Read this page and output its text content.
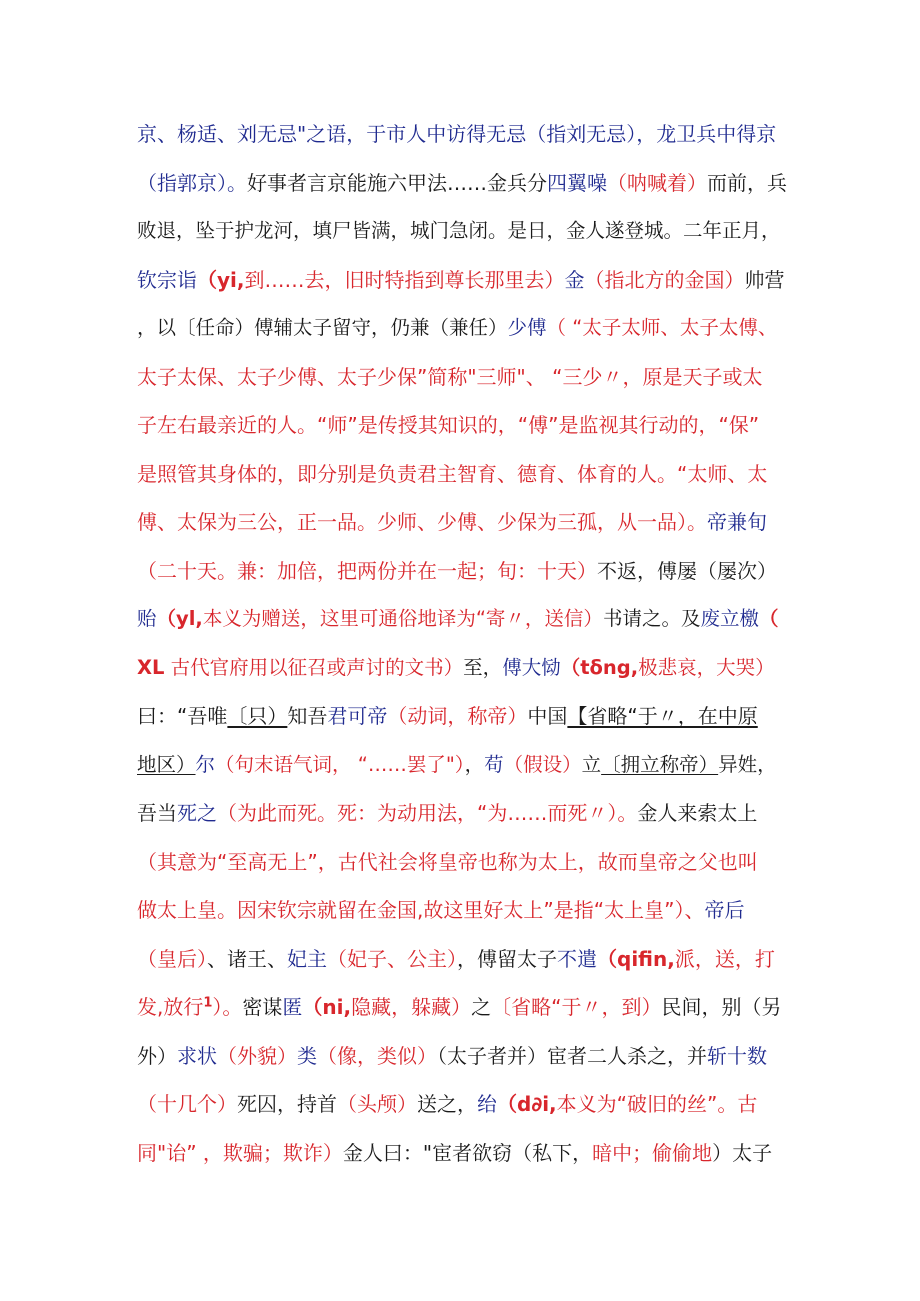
京、杨适、刘无忌"之语，于市人中访得无忌（指刘无忌），龙卫兵中得京
（指郭京）。好事者言京能施六甲法……金兵分四翼噪（呐喊着）而前，兵
败退，坠于护龙河，填尸皆满，城门急闭。是日，金人遂登城。二年正月，
钦宗诣（yi,到……去，旧时特指到尊长那里去）金（指北方的金国）帅营
，以〔任命）傅辅太子留守，仍兼（兼任）少傅（ “太子太师、太子太傅、
太子太保、太子少傅、太子少保”简称"三师"、 “三少〃，原是天子或太
子左右最亲近的人。“师”是传授其知识的，“傅”是监视其行动的，“保”
是照管其身体的，即分别是负责君主智育、德育、体育的人。“太师、太
傅、太保为三公，正一品。少师、少傅、少保为三孤，从一品）。帝兼旬
（二十天。兼：加倍，把两份并在一起；旬：十天）不返，傅屡（屡次）
贻（yl,本义为赠送，这里可通俗地译为“寄〃，送信）书请之。及废立檄（
XL 古代官府用以征召或声讨的文书）至，傅大恸（tδng,极悲哀，大哭）
曰：“吾唯〔只）知吾君可帝（动词，称帝）中国【省略“于〃，在中原
地区）尔（句末语气词， “……罢了"），苟（假设）立〔拥立称帝）异姓，
吾当死之（为此而死。死：为动用法，“为……而死〃）。金人来索太上
（其意为“至高无上”，古代社会将皇帝也称为太上，故而皇帝之父也叫
做太上皇。因宋钦宗就留在金国,故这里好太上”是指“太上皇”）、帝后
（皇后）、诸王、妃主（妃子、公主），傅留太子不遣（qifin,派，送，打
发,放行$^1$）。密谋匿（ni,隐藏，躲藏）之〔省略“于〃，到）民间，别（另
外）求状（外貌）类（像，类似）（太子者并）宦者二人杀之，并斩十数
（十几个）死囚，持首（头颅）送之，绐（d∂i,本义为“破旧的丝”。古
同"诒” ，欺骗；欺诈）金人曰："宦者欲窃（私下，暗中；偷偷地）太子
